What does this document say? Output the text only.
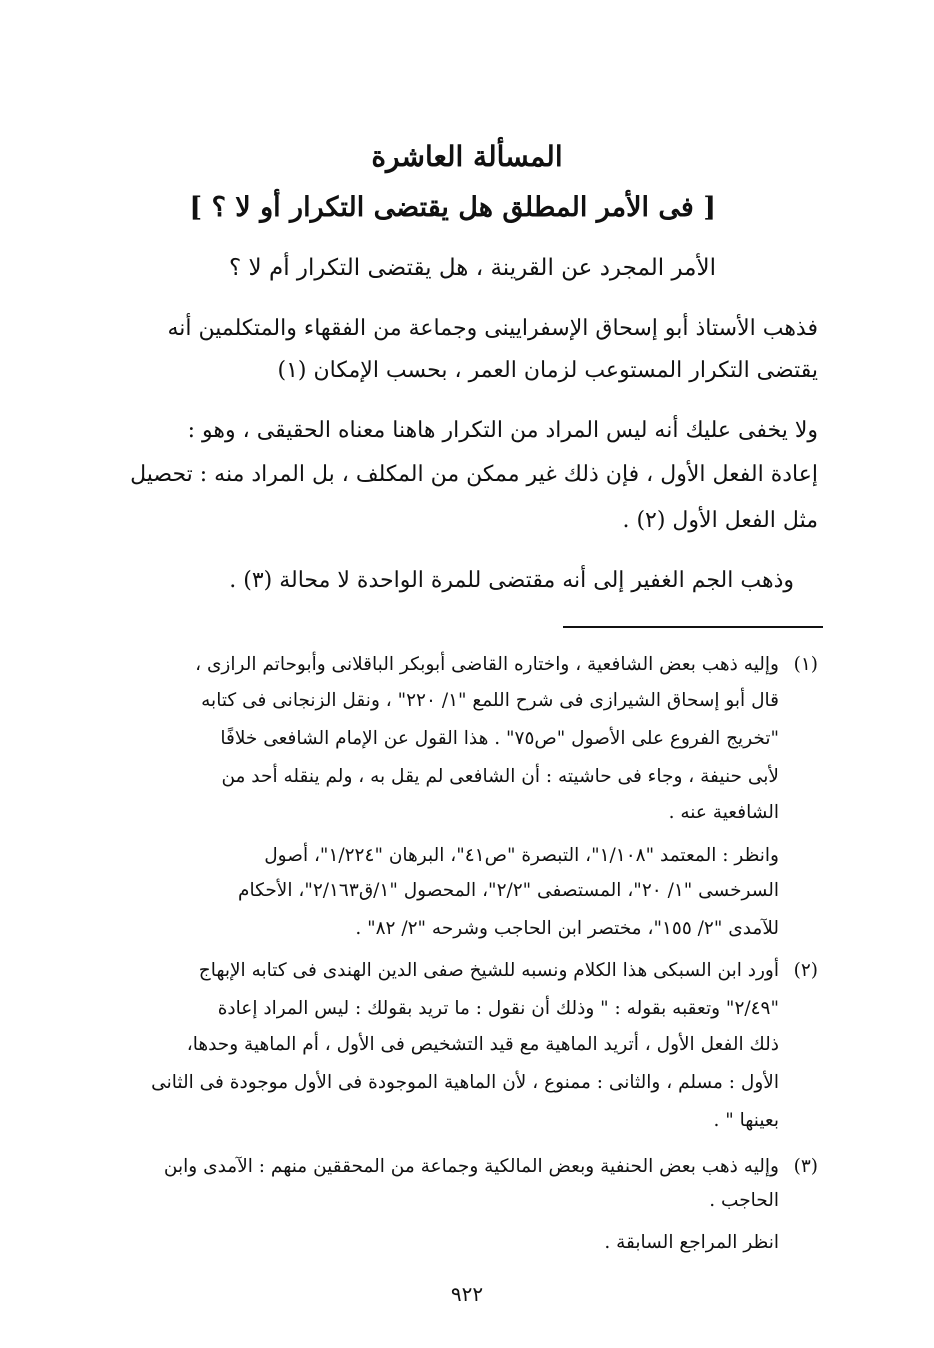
المسألة العاشرة
[ فى الأمر المطلق هل يقتضى التكرار أو لا ؟ ]
الأمر المجرد عن القرينة ، هل يقتضى التكرار أم لا ؟
فذهب الأستاذ أبو إسحاق الإسفرايينى وجماعة من الفقهاء والمتكلمين أنه
يقتضى التكرار المستوعب لزمان العمر ، بحسب الإمكان (١)
ولا يخفى عليك أنه ليس المراد من التكرار هاهنا معناه الحقيقى ، وهو :
إعادة الفعل الأول ، فإن ذلك غير ممكن من المكلف ، بل المراد منه : تحصيل
مثل الفعل الأول (٢) .
وذهب الجم الغفير إلى أنه مقتضى للمرة الواحدة لا محالة (٣) .
(١)
وإليه ذهب بعض الشافعية ، واختاره القاضى أبوبكر الباقلانى وأبوحاتم الرازى ،
قال أبو إسحاق الشيرازى فى شرح اللمع "١/ ٢٢٠" ، ونقل الزنجانى فى كتابه
"تخريج الفروع على الأصول "ص٧٥" . هذا القول عن الإمام الشافعى خلافًا
لأبى حنيفة ، وجاء فى حاشيته : أن الشافعى لم يقل به ، ولم ينقله أحد من
الشافعية عنه .
وانظر : المعتمد "١/١٠٨"، التبصرة "ص٤١"، البرهان "١/٢٢٤"، أصول
السرخسى "١/ ٢٠"، المستصفى "٢/٢"، المحصول "١/ق٢/١٦٣"، الأحكام
للآمدى "٢/ ١٥٥"، مختصر ابن الحاجب وشرحه "٢/ ٨٢" .
(٢)
أورد ابن السبكى هذا الكلام ونسبه للشيخ صفى الدين الهندى فى كتابه الإبهاج
"٢/٤٩" وتعقبه بقوله : " وذلك أن نقول : ما تريد بقولك : ليس المراد إعادة
ذلك الفعل الأول ، أتريد الماهية مع قيد التشخيص فى الأول ، أم الماهية وحدها،
الأول : مسلم ، والثانى : ممنوع ، لأن الماهية الموجودة فى الأول موجودة فى الثانى
بعينها " .
(٣)
وإليه ذهب بعض الحنفية وبعض المالكية وجماعة من المحققين منهم : الآمدى وابن
الحاجب .
انظر المراجع السابقة .
٩٢٢
